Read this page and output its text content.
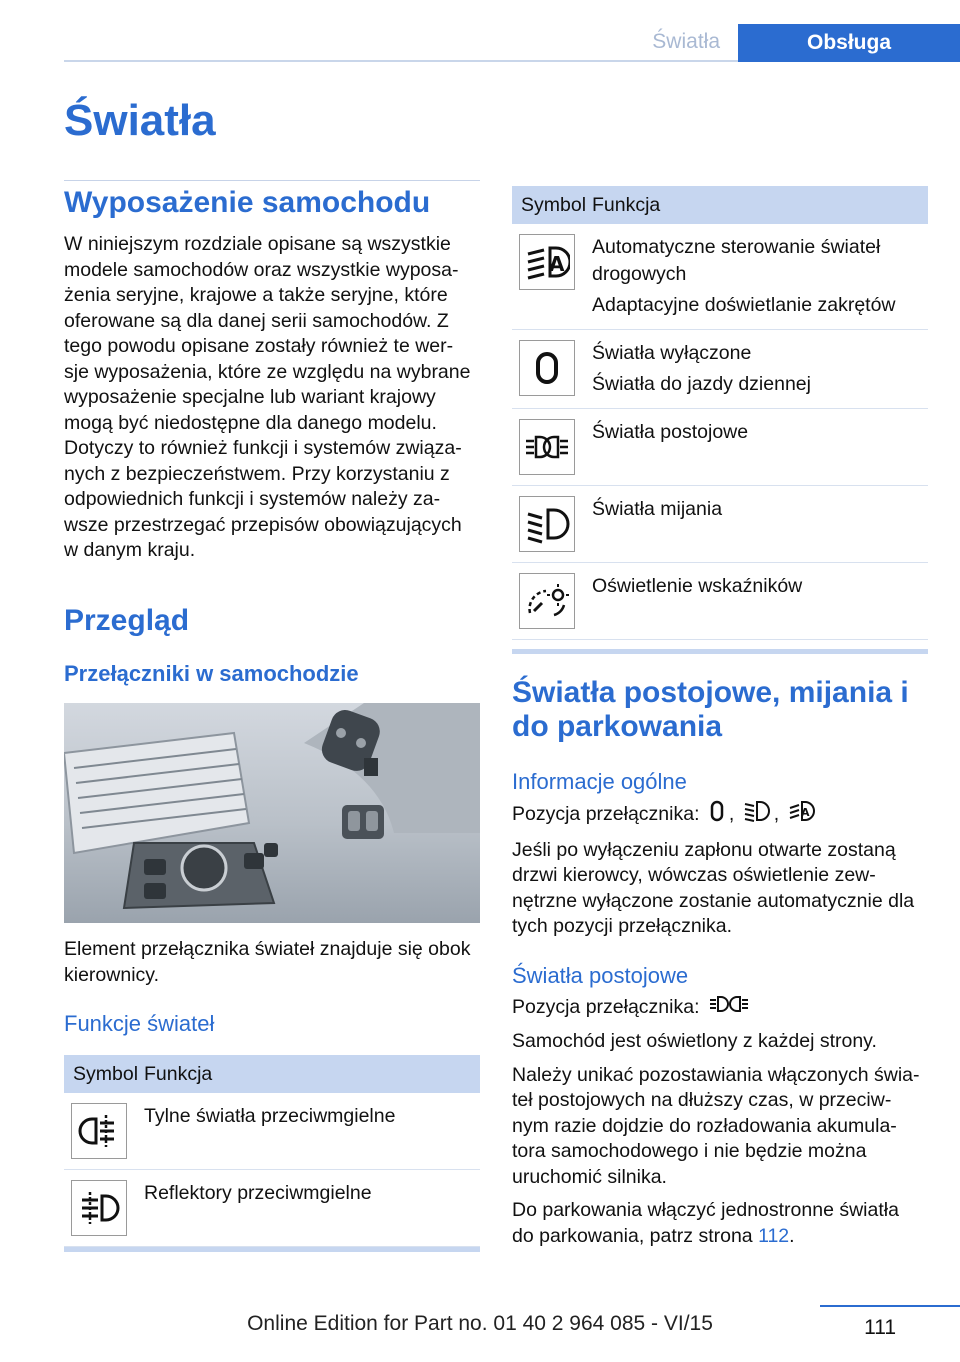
Światła	Obsługa
Światła
Wyposażenie samochodu

W niniejszym rozdziale opisane są wszystkie
modele samochodów oraz wszystkie wyposa‐
żenia seryjne, krajowe a także seryjne, które
oferowane są dla danej serii samochodów. Z
tego powodu opisane zostały również te wer‐
sje wyposażenia, które ze względu na wybrane
wyposażenie specjalne lub wariant krajowy
mogą być niedostępne dla danego modelu.
Dotyczy to również funkcji i systemów związa‐
nych z bezpieczeństwem. Przy korzystaniu z
odpowiednich funkcji i systemów należy za‐
wsze przestrzegać przepisów obowiązujących
w danym kraju.

Przegląd
Przełączniki w samochodzie

Element przełącznika świateł znajduje się obok
kierownicy.

Funkcje świateł
Symbol	Funkcja

	Tylne światła przeciwmgielne

	Reflektory przeciwmgielne
Symbol	Funkcja

A	Automatyczne sterowanie świateł drogowych
Adaptacyjne doświetlanie zakrętów

Światła wyłączone
Światła do jazdy dziennej

	Światła postojowe

	Światła mijania

	Oświetlenie wskaźników
Światła postojowe, mijania i
do parkowania
Informacje ogólne

Pozycja przełącznika: , , A

Jeśli po wyłączeniu zapłonu otwarte zostaną
drzwi kierowcy, wówczas oświetlenie zew‐
nętrzne wyłączone zostanie automatycznie dla
tych pozycji przełącznika.

Światła postojowe

Pozycja przełącznika:

Samochód jest oświetlony z każdej strony.

Należy unikać pozostawiania włączonych świa‐
teł postojowych na dłuższy czas, w przeciw‐
nym razie dojdzie do rozładowania akumula‐
tora samochodowego i nie będzie można
uruchomić silnika.

Do parkowania włączyć jednostronne światła
do parkowania, patrz strona 112.

Online Edition for Part no. 01 40 2 964 085 - VI/15	111
